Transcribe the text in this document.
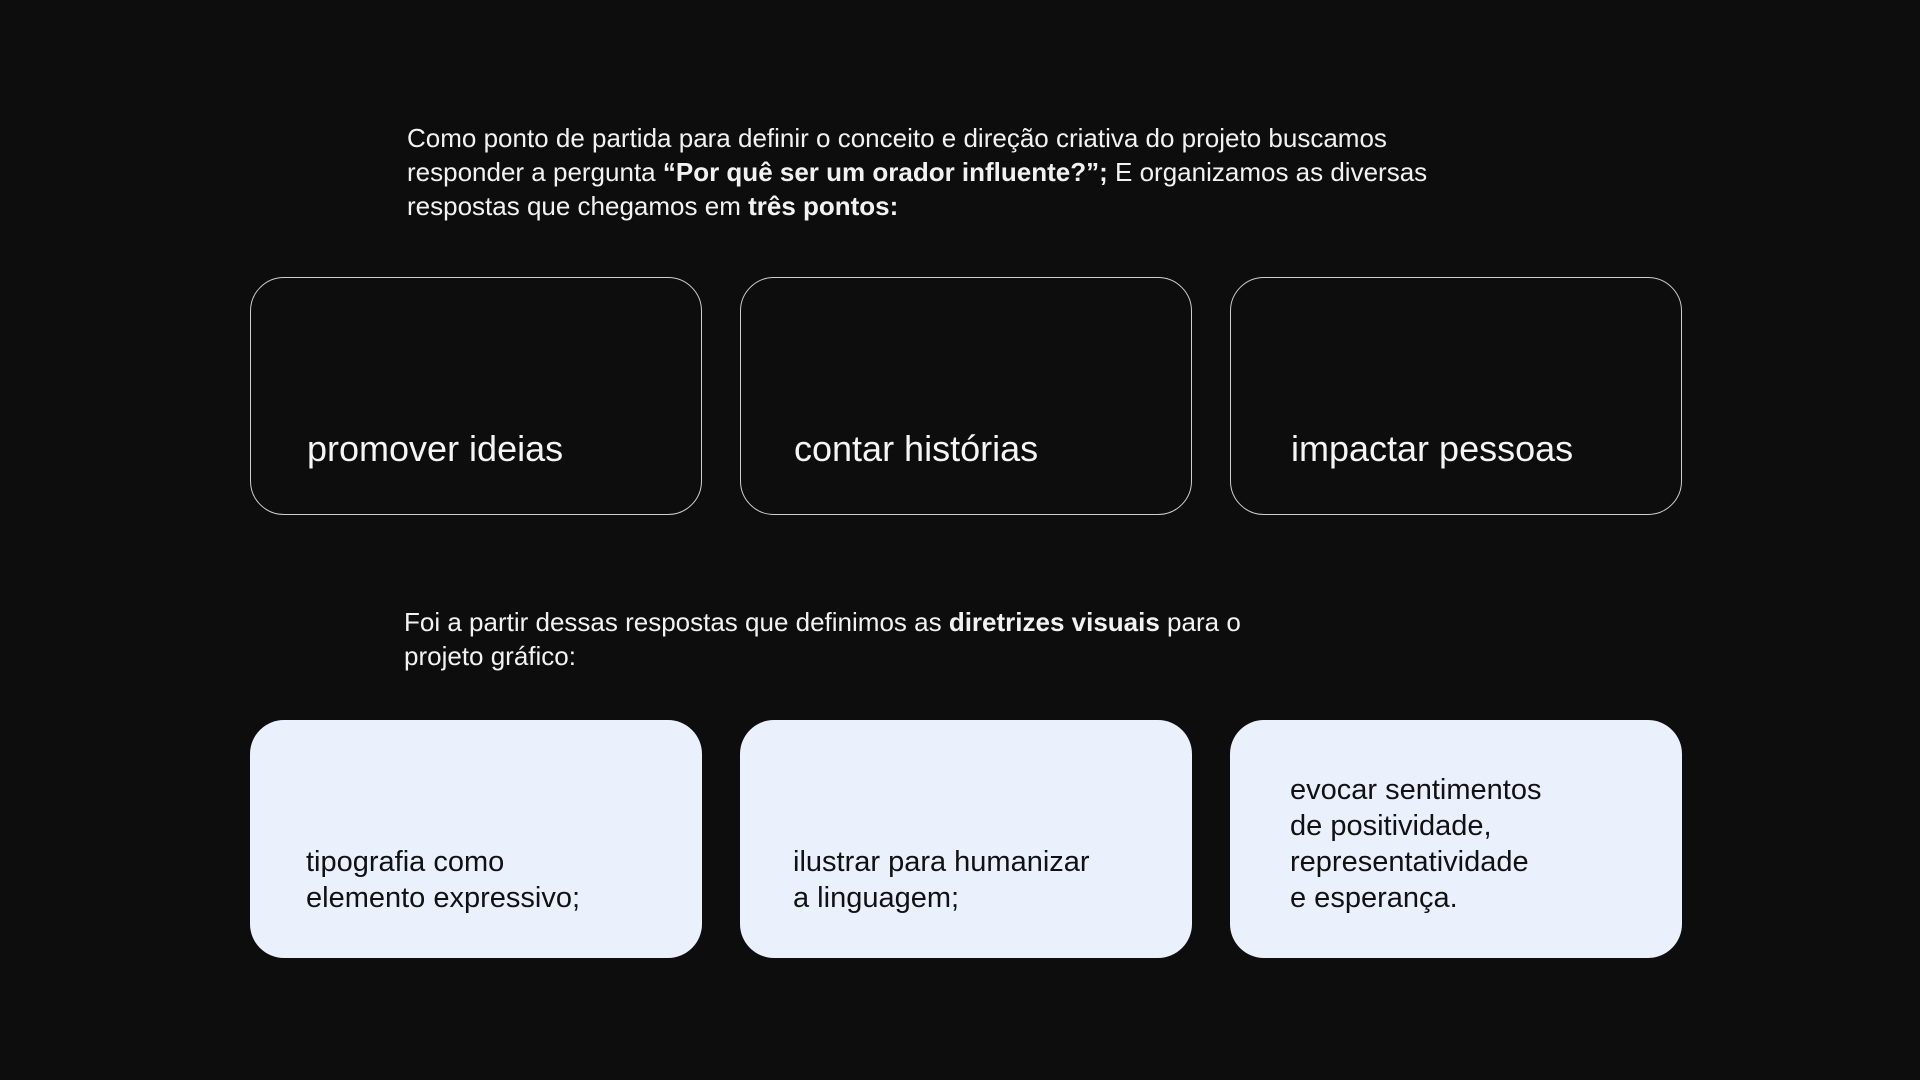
Como ponto de partida para definir o conceito e direção criativa do projeto buscamos responder a pergunta “Por quê ser um orador influente?”; E organizamos as diversas respostas que chegamos em três pontos:

promover ideias	contar histórias	impactar pessoas

Foi a partir dessas respostas que definimos as diretrizes visuais para o projeto gráfico:

tipografia como
elemento expressivo;
ilustrar para humanizar
a linguagem;
evocar sentimentos
de positividade,
representatividade
e esperança.
